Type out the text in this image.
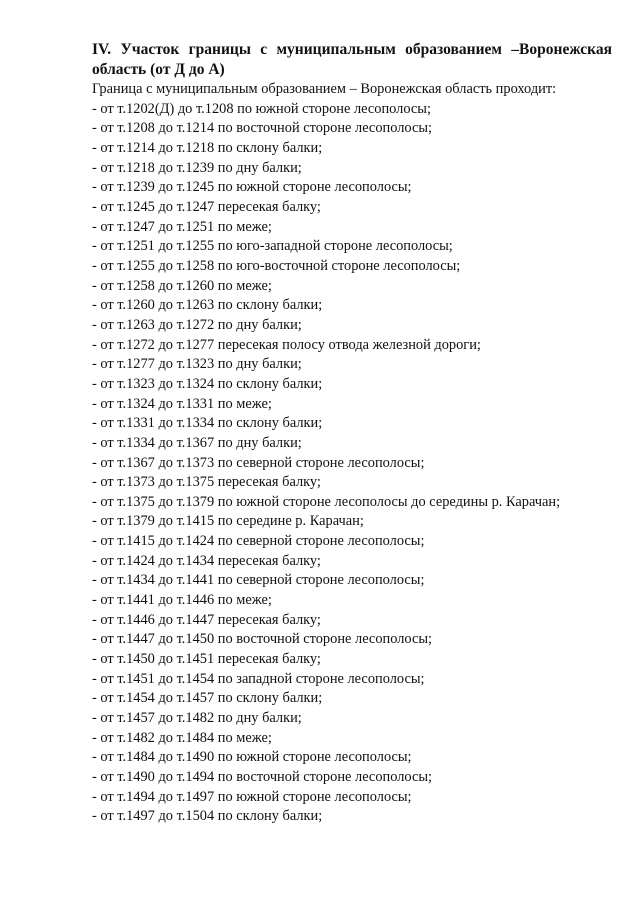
IV. Участок границы с муниципальным образованием –Воронежская
область (от Д до А)

Граница с муниципальным образованием – Воронежская область проходит:

- от т.1202(Д) до т.1208 по южной стороне лесополосы;
- от т.1208 до т.1214 по восточной стороне лесополосы;
- от т.1214 до т.1218 по склону балки;
- от т.1218 до т.1239 по дну балки;
- от т.1239 до т.1245 по южной стороне лесополосы;
- от т.1245 до т.1247 пересекая балку;
- от т.1247 до т.1251 по меже;
- от т.1251 до т.1255 по юго-западной стороне лесополосы;
- от т.1255 до т.1258 по юго-восточной стороне лесополосы;
- от т.1258 до т.1260 по меже;
- от т.1260 до т.1263 по склону балки;
- от т.1263 до т.1272 по дну балки;
- от т.1272 до т.1277 пересекая полосу отвода железной дороги;
- от т.1277 до т.1323 по дну балки;
- от т.1323 до т.1324 по склону балки;
- от т.1324 до т.1331 по меже;
- от т.1331 до т.1334 по склону балки;
- от т.1334 до т.1367 по дну балки;
- от т.1367 до т.1373 по северной стороне лесополосы;
- от т.1373 до т.1375 пересекая балку;
- от т.1375 до т.1379 по южной стороне лесополосы до середины р. Карачан;
- от т.1379 до т.1415 по середине р. Карачан;
- от т.1415 до т.1424 по северной стороне лесополосы;
- от т.1424 до т.1434 пересекая балку;
- от т.1434 до т.1441 по северной стороне лесополосы;
- от т.1441 до т.1446 по меже;
- от т.1446 до т.1447 пересекая балку;
- от т.1447 до т.1450 по восточной стороне лесополосы;
- от т.1450 до т.1451 пересекая балку;
- от т.1451 до т.1454 по западной стороне лесополосы;
- от т.1454 до т.1457 по склону балки;
- от т.1457 до т.1482 по дну балки;
- от т.1482 до т.1484 по меже;
- от т.1484 до т.1490 по южной стороне лесополосы;
- от т.1490 до т.1494 по восточной стороне лесополосы;
- от т.1494 до т.1497 по южной стороне лесополосы;
- от т.1497 до т.1504 по склону балки;
